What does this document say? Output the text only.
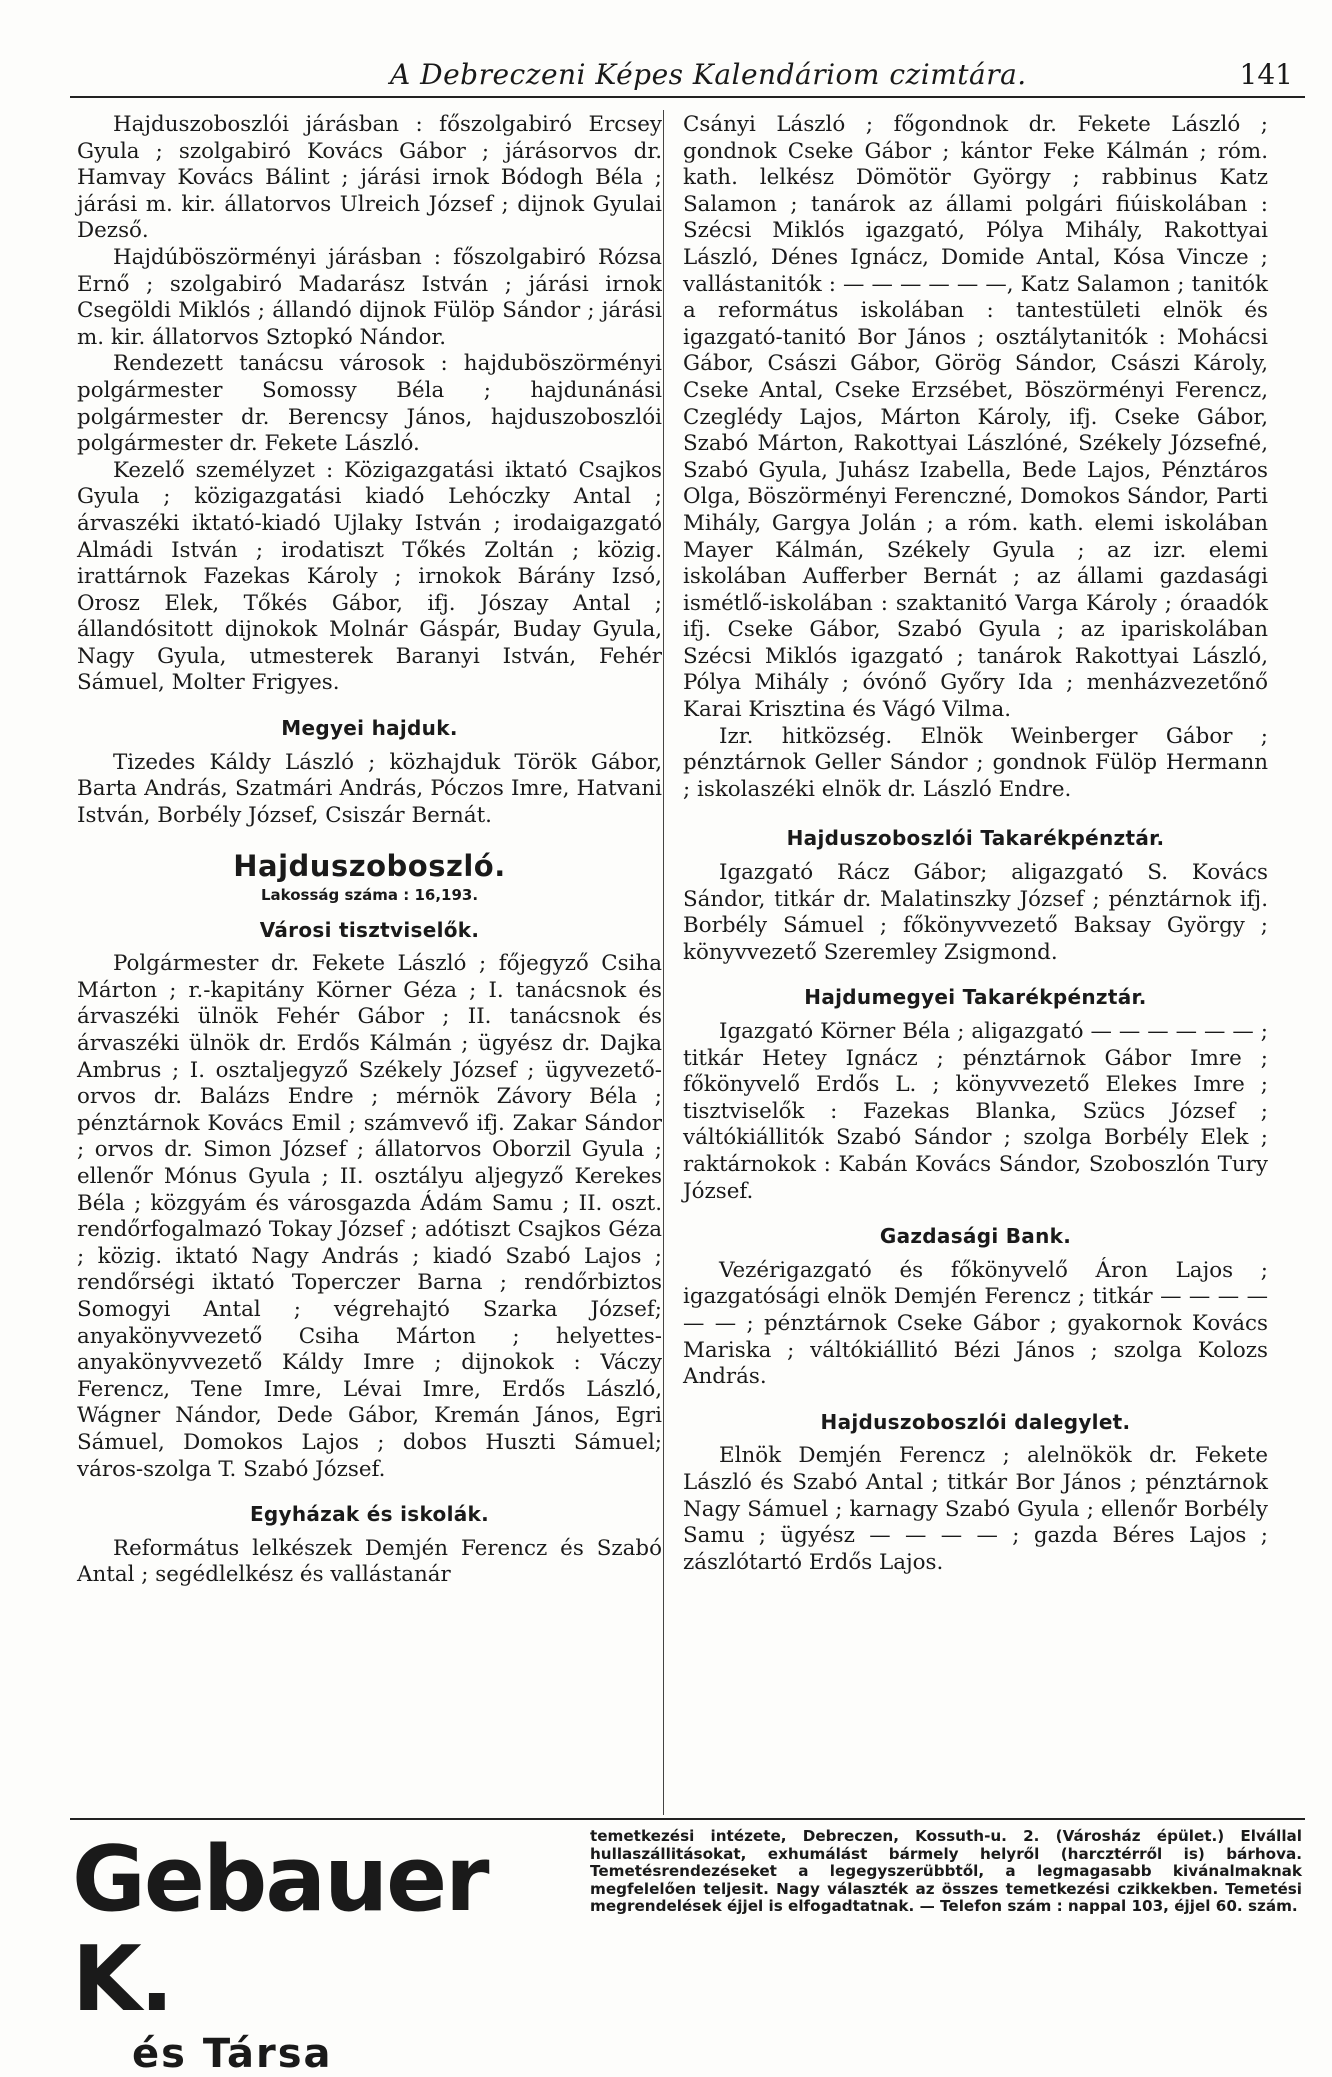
A Debreczeni Képes Kalendáriom czimtára.	141

Hajduszoboszlói járásban : főszolgabiró Ercsey Gyula ; szolgabiró Kovács Gábor ; járásorvos dr. Hamvay Kovács Bálint ; járási irnok Bódogh Béla ; járási m. kir. állatorvos Ulreich József ; dijnok Gyulai Dezső.

Hajdúböszörményi járásban : főszolgabiró Rózsa Ernő ; szolgabiró Madarász István ; járási irnok Csegöldi Miklós ; állandó dijnok Fülöp Sándor ; járási m. kir. állatorvos Sztopkó Nándor.

Rendezett tanácsu városok : hajduböszörményi polgármester Somossy Béla ; hajdunánási polgármester dr. Berencsy János, hajduszoboszlói polgármester dr. Fekete László.

Kezelő személyzet : Közigazgatási iktató Csajkos Gyula ; közigazgatási kiadó Lehóczky Antal ; árvaszéki iktató-kiadó Ujlaky István ; irodaigazgató Almádi István ; irodatiszt Tőkés Zoltán ; közig. irattárnok Fazekas Károly ; irnokok Bárány Izsó, Orosz Elek, Tőkés Gábor, ifj. Jószay Antal ; állandósitott dijnokok Molnár Gáspár, Buday Gyula, Nagy Gyula, utmesterek Baranyi István, Fehér Sámuel, Molter Frigyes.

Megyei hajduk.

Tizedes Káldy László ; közhajduk Török Gábor, Barta András, Szatmári András, Póczos Imre, Hatvani István, Borbély József, Csiszár Bernát.

Hajduszoboszló.

Lakosság száma : 16,193.

Városi tisztviselők.

Polgármester dr. Fekete László ; főjegyző Csiha Márton ; r.-kapitány Körner Géza ; I. tanácsnok és árvaszéki ülnök Fehér Gábor ; II. tanácsnok és árvaszéki ülnök dr. Erdős Kálmán ; ügyész dr. Dajka Ambrus ; I. osztaljegyző Székely József ; ügyvezető-orvos dr. Balázs Endre ; mérnök Závory Béla ; pénztárnok Kovács Emil ; számvevő ifj. Zakar Sándor ; orvos dr. Simon József ; állatorvos Oborzil Gyula ; ellenőr Mónus Gyula ; II. osztályu aljegyző Kerekes Béla ; közgyám és városgazda Ádám Samu ; II. oszt. rendőrfogalmazó Tokay József ; adótiszt Csajkos Géza ; közig. iktató Nagy András ; kiadó Szabó Lajos ; rendőrségi iktató Toperczer Barna ; rendőrbiztos Somogyi Antal ; végrehajtó Szarka József; anyakönyvvezető Csiha Márton ; helyettes-anyakönyvvezető Káldy Imre ; dijnokok : Váczy Ferencz, Tene Imre, Lévai Imre, Erdős László, Wágner Nándor, Dede Gábor, Kremán János, Egri Sámuel, Domokos Lajos ; dobos Huszti Sámuel; város-szolga T. Szabó József.

Egyházak és iskolák.

Református lelkészek Demjén Ferencz és Szabó Antal ; segédlelkész és vallástanár

Csányi László ; főgondnok dr. Fekete László ; gondnok Cseke Gábor ; kántor Feke Kálmán ; róm. kath. lelkész Dömötör György ; rabbinus Katz Salamon ; tanárok az állami polgári fiúiskolában : Szécsi Miklós igazgató, Pólya Mihály, Rakottyai László, Dénes Ignácz, Domide Antal, Kósa Vincze ; vallástanitók : — — — — — —, Katz Salamon ; tanitók a református iskolában : tantestületi elnök és igazgató-tanitó Bor János ; osztálytanitók : Mohácsi Gábor, Császi Gábor, Görög Sándor, Császi Károly, Cseke Antal, Cseke Erzsébet, Böszörményi Ferencz, Czeglédy Lajos, Márton Károly, ifj. Cseke Gábor, Szabó Márton, Rakottyai Lászlóné, Székely Józsefné, Szabó Gyula, Juhász Izabella, Bede Lajos, Pénztáros Olga, Böszörményi Ferenczné, Domokos Sándor, Parti Mihály, Gargya Jolán ; a róm. kath. elemi iskolában Mayer Kálmán, Székely Gyula ; az izr. elemi iskolában Aufferber Bernát ; az állami gazdasági ismétlő-iskolában : szaktanitó Varga Károly ; óraadók ifj. Cseke Gábor, Szabó Gyula ; az ipariskolában Szécsi Miklós igazgató ; tanárok Rakottyai László, Pólya Mihály ; óvónő Győry Ida ; menházvezetőnő Karai Krisztina és Vágó Vilma.

Izr. hitközség. Elnök Weinberger Gábor ; pénztárnok Geller Sándor ; gondnok Fülöp Hermann ; iskolaszéki elnök dr. László Endre.

Hajduszoboszlói Takarékpénztár.

Igazgató Rácz Gábor; aligazgató S. Kovács Sándor, titkár dr. Malatinszky József ; pénztárnok ifj. Borbély Sámuel ; főkönyvvezető Baksay György ; könyvvezető Szeremley Zsigmond.

Hajdumegyei Takarékpénztár.

Igazgató Körner Béla ; aligazgató — — — — — — ; titkár Hetey Ignácz ; pénztárnok Gábor Imre ; főkönyvelő Erdős L. ; könyvvezető Elekes Imre ; tisztviselők : Fazekas Blanka, Szücs József ; váltókiállitók Szabó Sándor ; szolga Borbély Elek ; raktárnokok : Kabán Kovács Sándor, Szoboszlón Tury József.

Gazdasági Bank.

Vezérigazgató és főkönyvelő Áron Lajos ; igazgatósági elnök Demjén Ferencz ; titkár — — — — — — ; pénztárnok Cseke Gábor ; gyakornok Kovács Mariska ; váltókiállitó Bézi János ; szolga Kolozs András.

Hajduszoboszlói dalegylet.

Elnök Demjén Ferencz ; alelnökök dr. Fekete László és Szabó Antal ; titkár Bor János ; pénztárnok Nagy Sámuel ; karnagy Szabó Gyula ; ellenőr Borbély Samu ; ügyész — — — — ; gazda Béres Lajos ; zászlótartó Erdős Lajos.

Gebauer K.

és Társa

temetkezési intézete, Debreczen, Kossuth-u. 2. (Városház épület.) Elvállal hullaszállitásokat, exhumálást bármely helyről (harcztérről is) bárhova. Temetésrendezéseket a legegyszerübbtől, a legmagasabb kivánalmaknak megfelelően teljesit. Nagy választék az összes temetkezési czikkekben. Temetési megrendelések éjjel is elfogadtatnak. — Telefon szám : nappal 103, éjjel 60. szám.
